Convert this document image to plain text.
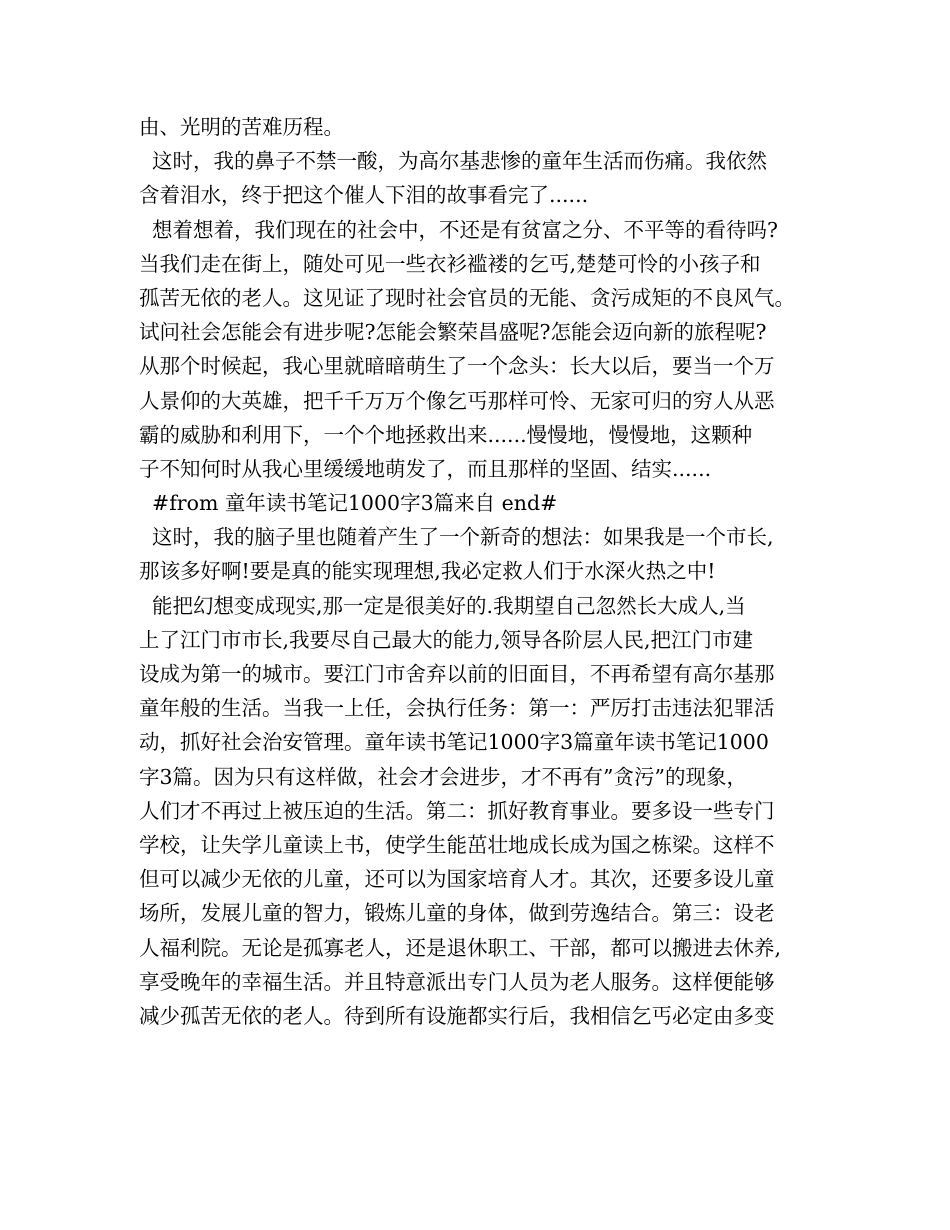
由、光明的苦难历程。
这时，我的鼻子不禁一酸，为高尔基悲惨的童年生活而伤痛。我依然
含着泪水，终于把这个催人下泪的故事看完了......
想着想着，我们现在的社会中，不还是有贫富之分、不平等的看待吗?
当我们走在街上，随处可见一些衣衫褴褛的乞丐,楚楚可怜的小孩子和
孤苦无依的老人。这见证了现时社会官员的无能、贪污成矩的不良风气。
试问社会怎能会有进步呢?怎能会繁荣昌盛呢?怎能会迈向新的旅程呢?
从那个时候起，我心里就暗暗萌生了一个念头：长大以后，要当一个万
人景仰的大英雄，把千千万万个像乞丐那样可怜、无家可归的穷人从恶
霸的威胁和利用下，一个个地拯救出来......慢慢地，慢慢地，这颗种
子不知何时从我心里缓缓地萌发了，而且那样的坚固、结实......
#from 童年读书笔记1000字3篇来自 end#
这时，我的脑子里也随着产生了一个新奇的想法：如果我是一个市长,
那该多好啊!要是真的能实现理想,我必定救人们于水深火热之中!
能把幻想变成现实,那一定是很美好的.我期望自己忽然长大成人,当
上了江门市市长,我要尽自己最大的能力,领导各阶层人民,把江门市建
设成为第一的城市。要江门市舍弃以前的旧面目，不再希望有高尔基那
童年般的生活。当我一上任，会执行任务：第一：严厉打击违法犯罪活
动，抓好社会治安管理。童年读书笔记1000字3篇童年读书笔记1000
字3篇。因为只有这样做，社会才会进步，才不再有”贪污”的现象，
人们才不再过上被压迫的生活。第二：抓好教育事业。要多设一些专门
学校，让失学儿童读上书，使学生能茁壮地成长成为国之栋梁。这样不
但可以减少无依的儿童，还可以为国家培育人才。其次，还要多设儿童
场所，发展儿童的智力，锻炼儿童的身体，做到劳逸结合。第三：设老
人福利院。无论是孤寡老人，还是退休职工、干部，都可以搬进去休养,
享受晚年的幸福生活。并且特意派出专门人员为老人服务。这样便能够
减少孤苦无依的老人。待到所有设施都实行后，我相信乞丐必定由多变
